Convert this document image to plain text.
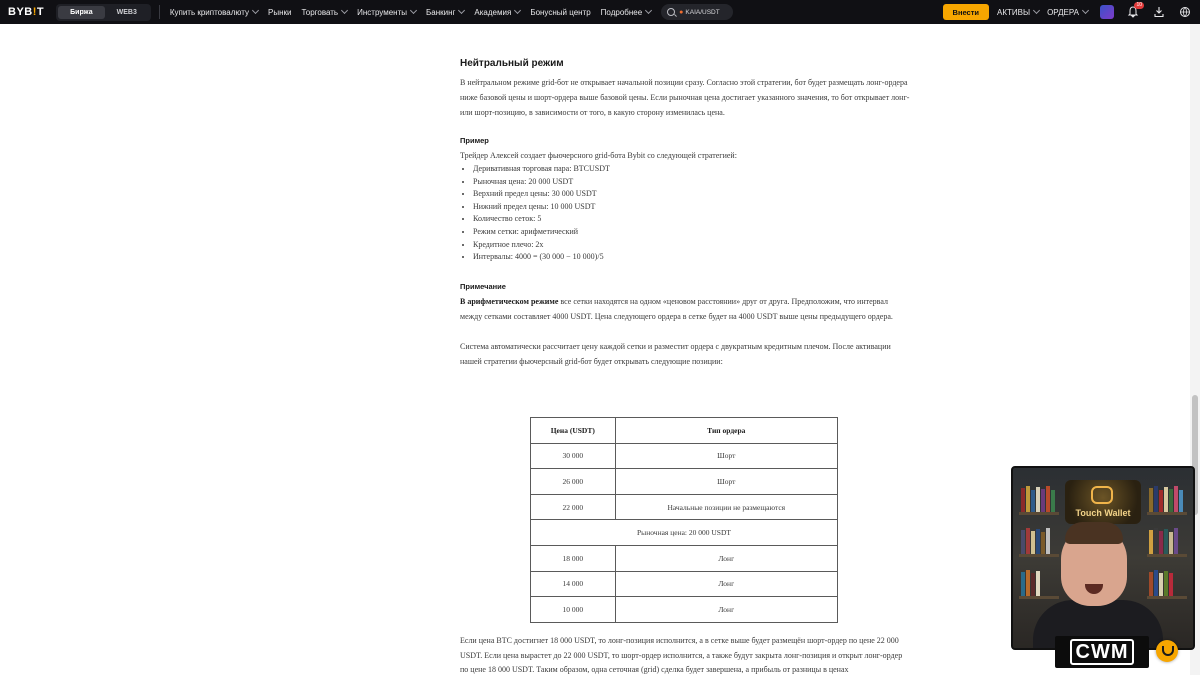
BYB!T	Биржа	WEB3	Купить криптовалюту Рынки Торговать Инструменты Банкинг Академия Бонусный центр Подробнее	● KAIA/USDT	Внести	АКТИВЫ ОРДЕРА
10
Нейтральный режим

В нейтральном режиме grid-бот не открывает начальной позиции сразу. Согласно этой стратегии, бот будет размещать лонг-ордера ниже базовой цены и шорт-ордера выше базовой цены. Если рыночная цена достигает указанного значения, то бот открывает лонг- или шорт-позицию, в зависимости от того, в какую сторону изменилась цена.

Пример

Трейдер Алексей создает фьючерсного grid-бота Bybit со следующей стратегией:

• Деривативная торговая пара: BTCUSDT
• Рыночная цена: 20 000 USDT
• Верхний предел цены: 30 000 USDT
• Нижний предел цены: 10 000 USDT
• Количество сеток: 5
• Режим сетки: арифметический
• Кредитное плечо: 2x
• Интервалы: 4000 = (30 000 − 10 000)/5
Примечание

В арифметическом режиме все сетки находятся на одном «ценовом расстоянии» друг от друга. Предположим, что интервал между сетками составляет 4000 USDT. Цена следующего ордера в сетке будет на 4000 USDT выше цены предыдущего ордера.

Система автоматически рассчитает цену каждой сетки и разместит ордера с двукратным кредитным плечом. После активации нашей стратегии фьючерсный grid-бот будет открывать следующие позиции:

Цена (USDT)	Тип ордера
30 000	Шорт
26 000	Шорт
22 000	Начальные позиции не размещаются
Рыночная цена: 20 000 USDT	
18 000	Лонг
14 000	Лонг
10 000	Лонг

Если цена BTC достигнет 18 000 USDT, то лонг-позиция исполнится, а в сетке выше будет размещён шорт-ордер по цене 22 000 USDT. Если цена вырастет до 22 000 USDT, то шорт-ордер исполнится, а также будут закрыта лонг-позиция и открыт лонг-ордер по цене 18 000 USDT. Таким образом, одна сеточная (grid) сделка будет завершена, а прибыль от разницы в ценах

Touch Wallet
CWM
